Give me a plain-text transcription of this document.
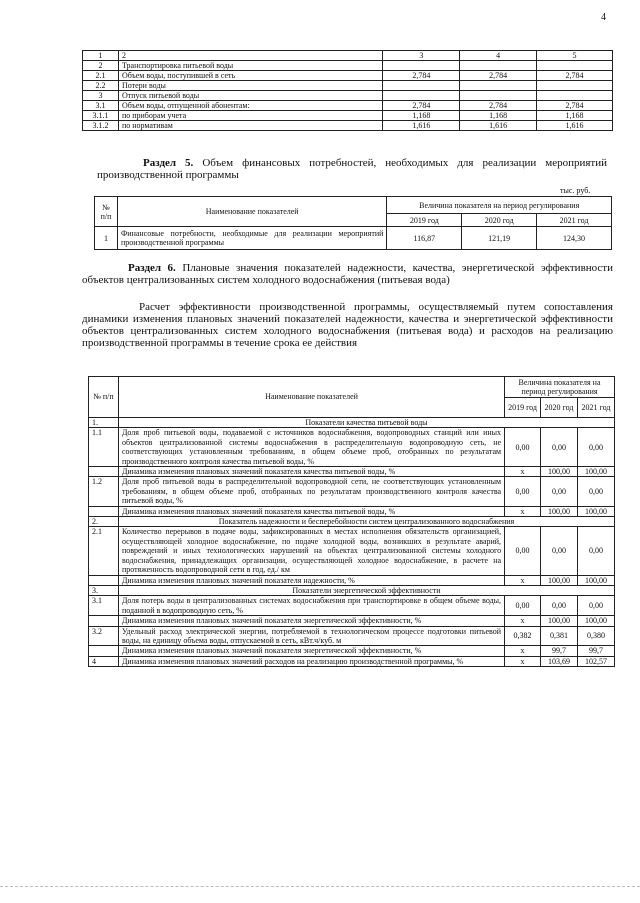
4
1	2	3	4	5
2	Транспортировка питьевой воды			
2.1	Объем воды, поступившей в сеть	2,784	2,784	2,784
2.2	Потери воды			
3	Отпуск питьевой воды			
3.1	Объем воды, отпущенной абонентам:	2,784	2,784	2,784
3.1.1	по приборам учета	1,168	1,168	1,168
3.1.2	по нормативам	1,616	1,616	1,616

Раздел 5. Объем финансовых потребностей, необходимых для реализации мероприятий производственной программы

тыс. руб.
№ п/п	Наименование показателей	Величина показателя на период регулирования		
		2019 год	2020 год	2021 год
1	Финансовые потребности, необходимые для реализации мероприятий производственной программы	116,87	121,19	124,30

Раздел 6. Плановые значения показателей надежности, качества, энергетической эффективности объектов централизованных систем холодного водоснабжения (питьевая вода)

Расчет эффективности производственной программы, осуществляемый путем сопоставления динамики изменения плановых значений показателей надежности, качества и энергетической эффективности объектов централизованных систем холодного водоснабжения (питьевая вода) и расходов на реализацию производственной программы в течение срока ее действия

№ п/п	Наименование показателей	Величина показателя на период регулирования		
		2019 год	2020 год	2021 год
1.	Показатели качества питьевой воды			
1.1	Доля проб питьевой воды, подаваемой с источников водоснабжения, водопроводных станций или иных объектов централизованной системы водоснабжения в распределительную водопроводную сеть, не соответствующих установленным требованиям, в общем объеме проб, отобранных по результатам производственного контроля качества питьевой воды, %	0,00	0,00	0,00
	Динамика изменения плановых значений показателя качества питьевой воды, %	x	100,00	100,00
1.2	Доля проб питьевой воды в распределительной водопроводной сети, не соответствующих установленным требованиям, в общем объеме проб, отобранных по результатам производственного контроля качества питьевой воды, %	0,00	0,00	0,00
	Динамика изменения плановых значений показателя качества питьевой воды, %	x	100,00	100,00
2.	Показатель надежности и бесперебойности систем централизованного водоснабжения			
2.1	Количество перерывов в подаче воды, зафиксированных в местах исполнения обязательств организацией, осуществляющей холодное водоснабжение, по подаче холодной воды, возникших в результате аварий, повреждений и иных технологических нарушений на объектах централизованной системы холодного водоснабжения, принадлежащих организации, осуществляющей холодное водоснабжение, в расчете на протяженность водопроводной сети в год, ед./ км	0,00	0,00	0,00
	Динамика изменения плановых значений показателя надежности, %	x	100,00	100,00
3.	Показатели энергетической эффективности			
3.1	Доля потерь воды в централизованных системах водоснабжения при транспортировке в общем объеме воды, поданной в водопроводную сеть, %	0,00	0,00	0,00
	Динамика изменения плановых значений показателя энергетической эффективности, %	x	100,00	100,00
3.2	Удельный расход электрической энергии, потребляемой в технологическом процессе подготовки питьевой воды, на единицу объема воды, отпускаемой в сеть, кВт.ч/куб. м	0,382	0,381	0,380
	Динамика изменения плановых значений показателя энергетической эффективности, %	x	99,7	99,7
4	Динамика изменения плановых значений расходов на реализацию производственной программы, %	x	103,69	102,57
